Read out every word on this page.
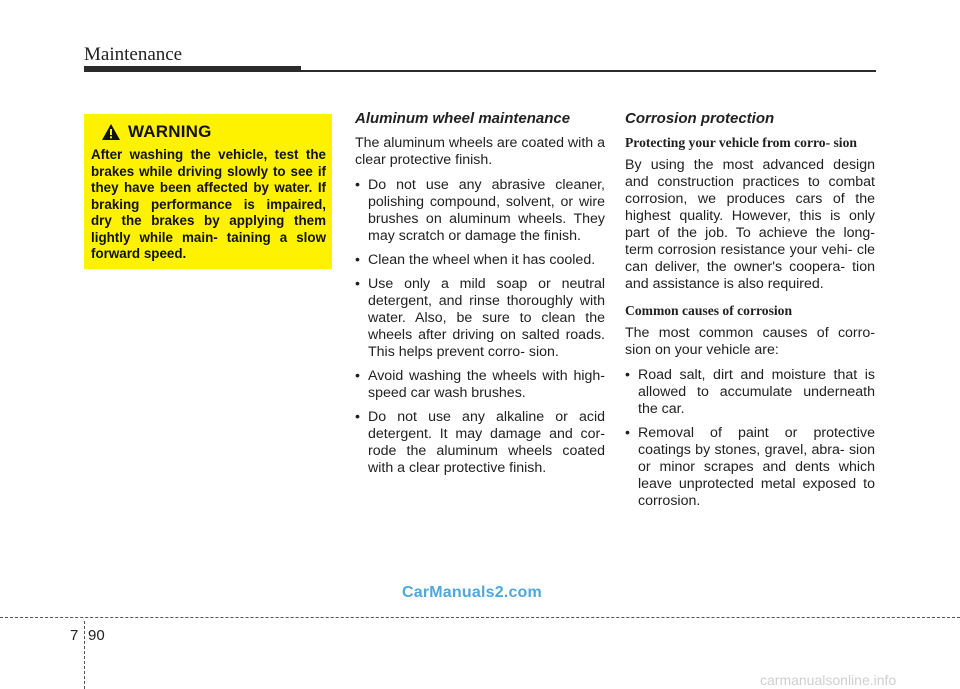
Maintenance
WARNING

After washing the vehicle, test the brakes while driving slowly to see if they have been affected by water. If braking performance is impaired, dry the brakes by applying them lightly while main- taining a slow forward speed.

Aluminum wheel maintenance

The aluminum wheels are coated with a clear protective finish.

• Do not use any abrasive cleaner, polishing compound, solvent, or wire brushes on aluminum wheels. They may scratch or damage the finish.
• Clean the wheel when it has cooled.
• Use only a mild soap or neutral detergent, and rinse thoroughly with water. Also, be sure to clean the wheels after driving on salted roads. This helps prevent corro- sion.
• Avoid washing the wheels with high-speed car wash brushes.
• Do not use any alkaline or acid detergent. It may damage and cor- rode the aluminum wheels coated with a clear protective finish.
Corrosion protection
Protecting your vehicle from corro- sion

By using the most advanced design and construction practices to combat corrosion, we produces cars of the highest quality. However, this is only part of the job. To achieve the long- term corrosion resistance your vehi- cle can deliver, the owner's coopera- tion and assistance is also required.

Common causes of corrosion

The most common causes of corro- sion on your vehicle are:

• Road salt, dirt and moisture that is allowed to accumulate underneath the car.
• Removal of paint or protective coatings by stones, gravel, abra- sion or minor scrapes and dents which leave unprotected metal exposed to corrosion.
CarManuals2.com
7 90
carmanualsonline.info
